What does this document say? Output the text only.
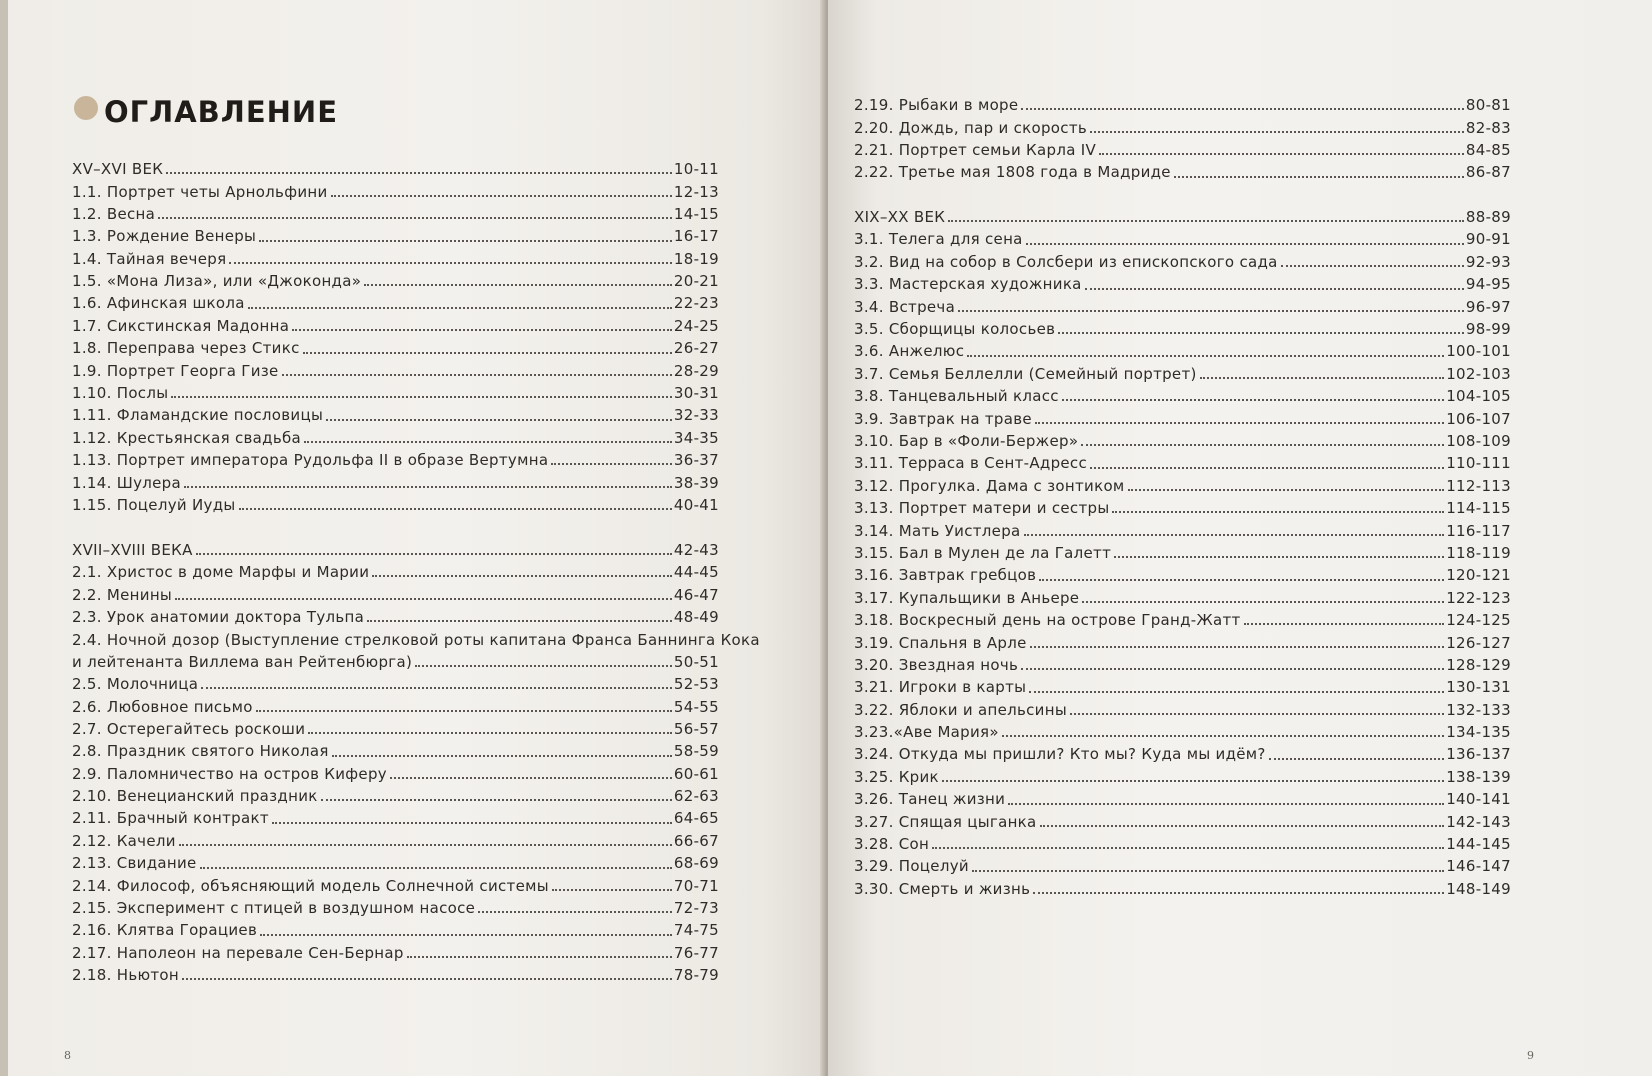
ОГЛАВЛЕНИЕ
XV–XVI ВЕК	10-11
1.1. Портрет четы Арнольфини	12-13
1.2. Весна	14-15
1.3. Рождение Венеры	16-17
1.4. Тайная вечеря	18-19
1.5. «Мона Лиза», или «Джоконда»	20-21
1.6. Афинская школа	22-23
1.7. Сикстинская Мадонна	24-25
1.8. Переправа через Стикс	26-27
1.9. Портрет Георга Гизе	28-29
1.10. Послы	30-31
1.11. Фламандские пословицы	32-33
1.12. Крестьянская свадьба	34-35
1.13. Портрет императора Рудольфа II в образе Вертумна	36-37
1.14. Шулера	38-39
1.15. Поцелуй Иуды	40-41
XVII–XVIII ВЕКА	42-43
2.1. Христос в доме Марфы и Марии	44-45
2.2. Менины	46-47
2.3. Урок анатомии доктора Тульпа	48-49
2.4. Ночной дозор (Выступление стрелковой роты капитана Франса Баннинга Кока
и лейтенанта Виллема ван Рейтенбюрга)	50-51
2.5. Молочница	52-53
2.6. Любовное письмо	54-55
2.7. Остерегайтесь роскоши	56-57
2.8. Праздник святого Николая	58-59
2.9. Паломничество на остров Киферу	60-61
2.10. Венецианский праздник	62-63
2.11. Брачный контракт	64-65
2.12. Качели	66-67
2.13. Свидание	68-69
2.14. Философ, объясняющий модель Солнечной системы	70-71
2.15. Эксперимент с птицей в воздушном насосе	72-73
2.16. Клятва Горациев	74-75
2.17. Наполеон на перевале Сен-Бернар	76-77
2.18. Ньютон	78-79
8
2.19. Рыбаки в море	80-81
2.20. Дождь, пар и скорость	82-83
2.21. Портрет семьи Карла IV	84-85
2.22. Третье мая 1808 года в Мадриде	86-87
XIX–XX ВЕК	88-89
3.1. Телега для сена	90-91
3.2. Вид на собор в Солсбери из епископского сада	92-93
3.3. Мастерская художника	94-95
3.4. Встреча	96-97
3.5. Сборщицы колосьев	98-99
3.6. Анжелюс	100-101
3.7. Семья Беллелли (Семейный портрет)	102-103
3.8. Танцевальный класс	104-105
3.9. Завтрак на траве	106-107
3.10. Бар в «Фоли-Бержер»	108-109
3.11. Терраса в Сент-Адресс	110-111
3.12. Прогулка. Дама с зонтиком	112-113
3.13. Портрет матери и сестры	114-115
3.14. Мать Уистлера	116-117
3.15. Бал в Мулен де ла Галетт	118-119
3.16. Завтрак гребцов	120-121
3.17. Купальщики в Аньере	122-123
3.18. Воскресный день на острове Гранд-Жатт	124-125
3.19. Спальня в Арле	126-127
3.20. Звездная ночь	128-129
3.21. Игроки в карты	130-131
3.22. Яблоки и апельсины	132-133
3.23.«Аве Мария»	134-135
3.24. Откуда мы пришли? Кто мы? Куда мы идём?	136-137
3.25. Крик	138-139
3.26. Танец жизни	140-141
3.27. Спящая цыганка	142-143
3.28. Сон	144-145
3.29. Поцелуй	146-147
3.30. Смерть и жизнь	148-149
9
